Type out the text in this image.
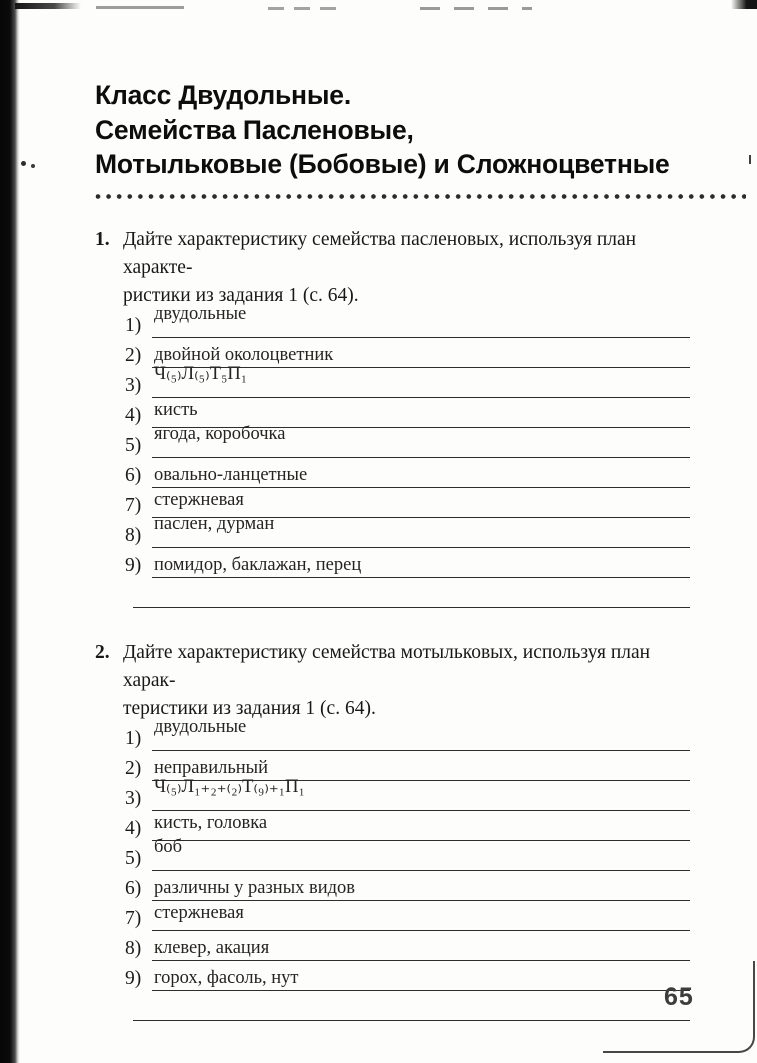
Класс Двудольные.
Семейства Пасленовые,
Мотыльковые (Бобовые) и Сложноцветные
1. Дайте характеристику семейства пасленовых, используя план характе-
ристики из задания 1 (с. 64).
1)
двудольные
2) двойной околоцветник
3)
Ч₍₅₎Л₍₅₎Т₅П₁
4) кисть
5)
ягода, коробочка
6) овально-ланцетные
7) стержневая
8)
паслен, дурман
9) помидор, баклажан, перец
2. Дайте характеристику семейства мотыльковых, используя план харак-
теристики из задания 1 (с. 64).
1)
двудольные
2) неправильный
3)
Ч₍₅₎Л₁₊₂₊₍₂₎Т₍₉₎₊₁П₁
4) кисть, головка
5)
боб
6) различны у разных видов
7) стержневая
8) клевер, акация
9) горох, фасоль, нут
65
